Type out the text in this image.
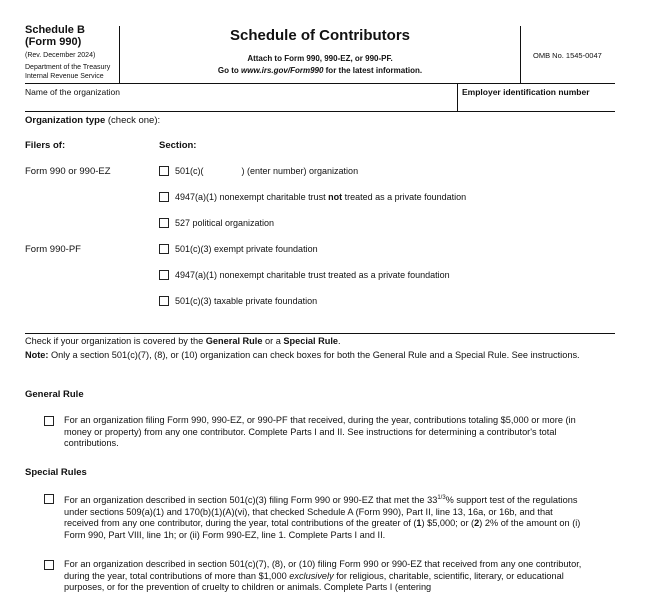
Schedule B
(Form 990)
(Rev. December 2024)
Department of the Treasury
Internal Revenue Service
Schedule of Contributors
Attach to Form 990, 990-EZ, or 990-PF.
Go to www.irs.gov/Form990 for the latest information.
OMB No. 1545-0047
Name of the organization	Employer identification number
Organization type (check one):
Filers of:	Section:
Form 990 or 990-EZ	501(c)(	) (enter number) organization
4947(a)(1) nonexempt charitable trust not treated as a private foundation
527 political organization
Form 990-PF	501(c)(3) exempt private foundation
4947(a)(1) nonexempt charitable trust treated as a private foundation
501(c)(3) taxable private foundation
Check if your organization is covered by the General Rule or a Special Rule.
Note: Only a section 501(c)(7), (8), or (10) organization can check boxes for both the General Rule and a Special Rule. See instructions.
General Rule
For an organization filing Form 990, 990-EZ, or 990-PF that received, during the year, contributions totaling $5,000 or more (in money or property) from any one contributor. Complete Parts I and II. See instructions for determining a contributor's total contributions.
Special Rules
For an organization described in section 501(c)(3) filing Form 990 or 990-EZ that met the $33^{1/3}\%$ support test of the regulations under sections 509(a)(1) and 170(b)(1)(A)(vi), that checked Schedule A (Form 990), Part II, line 13, 16a, or 16b, and that received from any one contributor, during the year, total contributions of the greater of (1) $5,000; or (2) 2% of the amount on (i) Form 990, Part VIII, line 1h; or (ii) Form 990-EZ, line 1. Complete Parts I and II.
For an organization described in section 501(c)(7), (8), or (10) filing Form 990 or 990-EZ that received from any one contributor, during the year, total contributions of more than $1,000 exclusively for religious, charitable, scientific, literary, or educational purposes, or for the prevention of cruelty to children or animals. Complete Parts I (entering
